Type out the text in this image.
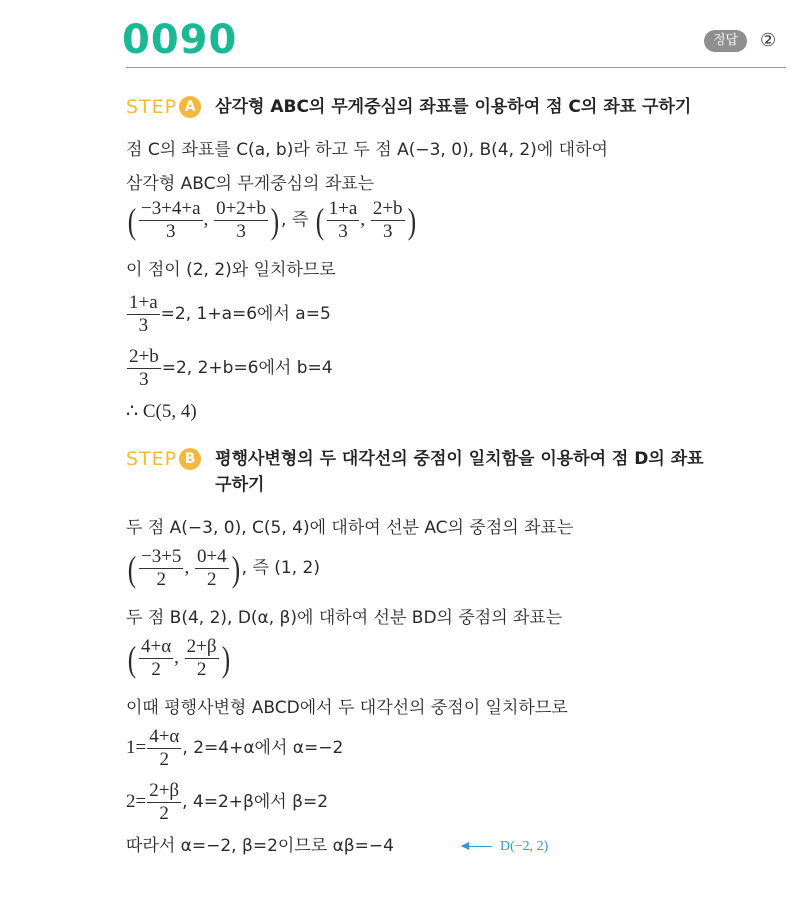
0090	정답	②
STEP A	삼각형 ABC의 무게중심의 좌표를 이용하여 점 C의 좌표 구하기
점 C의 좌표를 C(a, b)라 하고 두 점 A(−3, 0), B(4, 2)에 대하여
삼각형 ABC의 무게중심의 좌표는
( $\frac{-3+4+a}{3}$ , $\frac{0+2+b}{3}$ ) , 즉 ( $\frac{1+a}{3}$ , $\frac{2+b}{3}$ )
이 점이 (2, 2)와 일치하므로
$\frac{1+a}{3} =2$, 1+a=6에서 a=5
$\frac{2+b}{3} =2$, 2+b=6에서 b=4
∴ C(5, 4)
STEP B	평행사변형의 두 대각선의 중점이 일치함을 이용하여 점 D의 좌표
구하기
두 점 A(−3, 0), C(5, 4)에 대하여 선분 AC의 중점의 좌표는
( $\frac{-3+5}{2}$ , $\frac{0+4}{2}$ ) , 즉 (1, 2)
두 점 B(4, 2), D(α, β)에 대하여 선분 BD의 중점의 좌표는
( $\frac{4+\alpha}{2}$ , $\frac{2+\beta}{2}$ )
이때 평행사변형 ABCD에서 두 대각선의 중점이 일치하므로
$1= \frac{4+\alpha}{2}$ , 2=4+α에서 α=−2
$2= \frac{2+\beta}{2}$ , 4=2+β에서 β=2
따라서 α=−2, β=2이므로 αβ=−4	D(−2, 2)
